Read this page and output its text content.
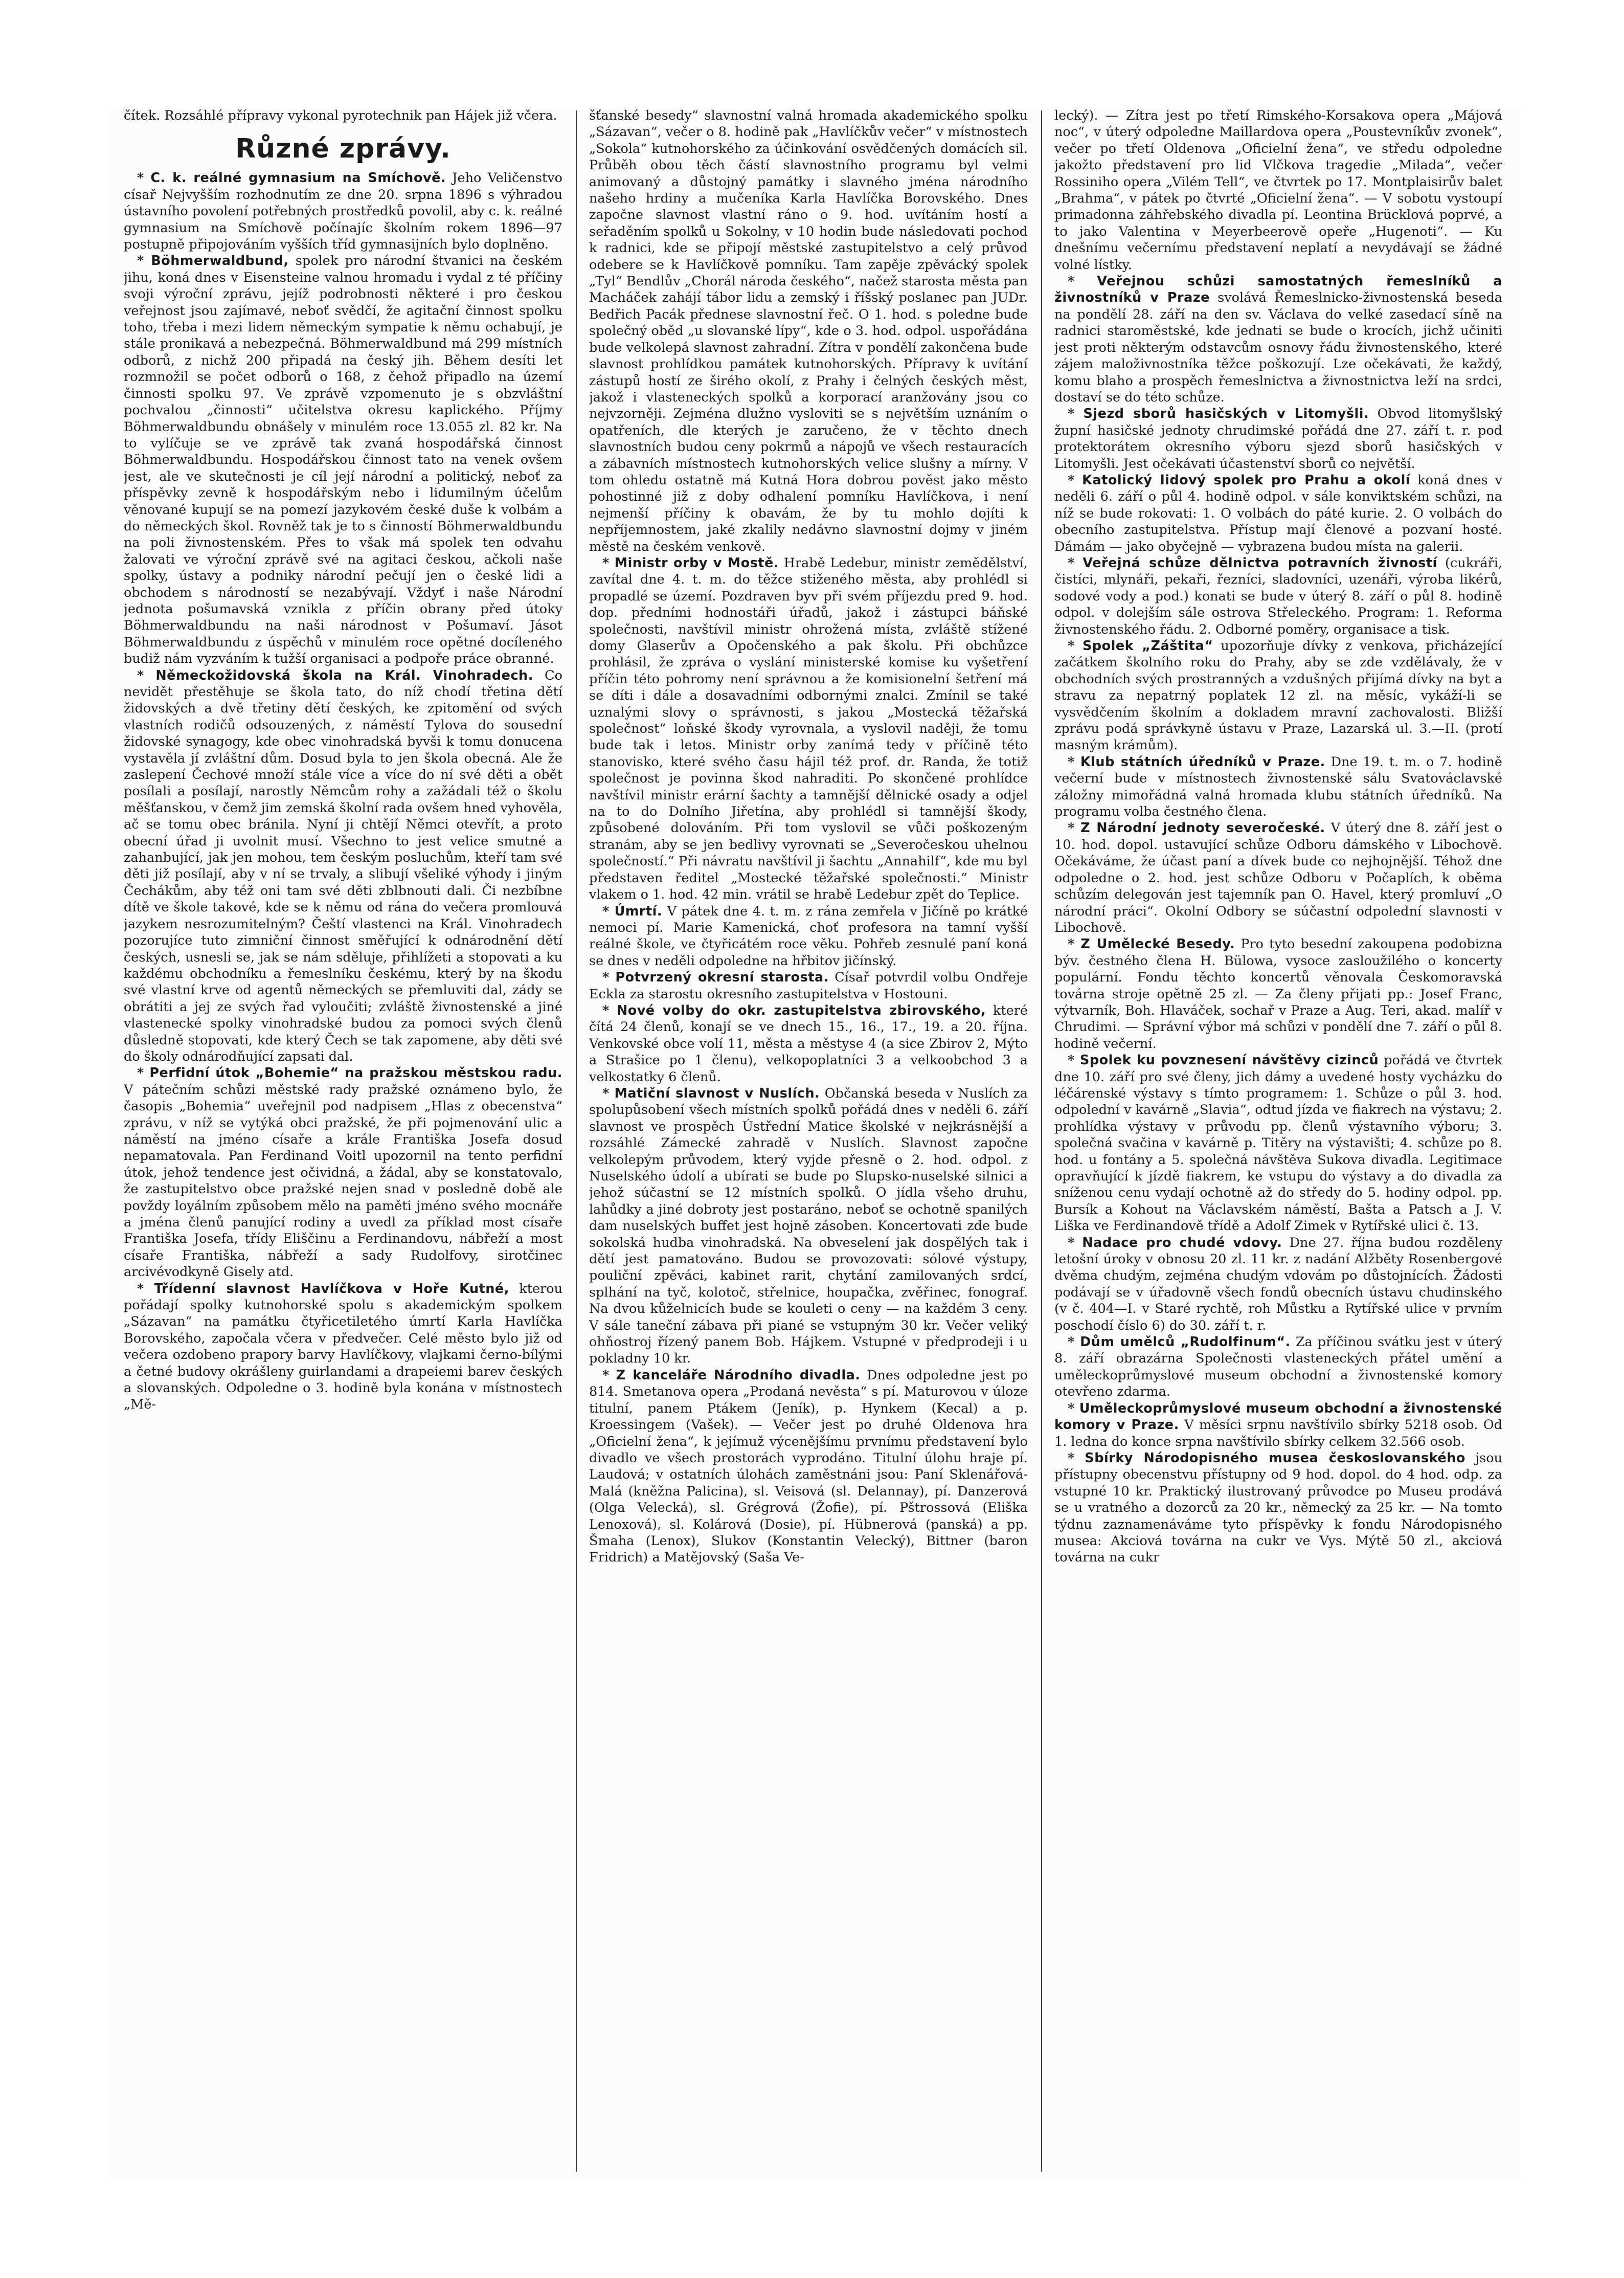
čítek. Rozsáhlé přípravy vykonal pyrotechnik pan Hájek již včera.

Různé zprávy.

* C. k. reálné gymnasium na Smíchově. Jeho Veličenstvo císař Nejvyšším rozhodnutím ze dne 20. srpna 1896 s výhradou ústavního povolení potřebných prostředků povolil, aby c. k. reálné gymnasium na Smíchově počínajíc školním rokem 1896—97 postupně připojováním vyšších tříd gymnasijních bylo doplněno.

* Böhmerwaldbund, spolek pro národní štvanici na českém jihu, koná dnes v Eisensteine valnou hromadu i vydal z té příčiny svoji výroční zprávu, jejíž podrobnosti některé i pro českou veřejnost jsou zajímavé, neboť svědčí, že agitační činnost spolku toho, třeba i mezi lidem německým sympatie k němu ochabují, je stále pronikavá a nebezpečná. Böhmerwaldbund má 299 místních odborů, z nichž 200 připadá na český jih. Během desíti let rozmnožil se počet odborů o 168, z čehož připadlo na území činnosti spolku 97. Ve zprávě vzpomenuto je s obzvláštní pochvalou „činnosti“ učitelstva okresu kaplického. Příjmy Böhmerwaldbundu obnášely v minulém roce 13.055 zl. 82 kr. Na to vylíčuje se ve zprávě tak zvaná hospodářská činnost Böhmerwaldbundu. Hospodářskou činnost tato na venek ovšem jest, ale ve skutečnosti je cíl její národní a politický, neboť za příspěvky zevně k hospodářským nebo i lidumilným účelům věnované kupují se na pomezí jazykovém české duše k volbám a do německých škol. Rovněž tak je to s činností Böhmerwaldbundu na poli živnostenském. Přes to však má spolek ten odvahu žalovati ve výroční zprávě své na agitaci českou, ačkoli naše spolky, ústavy a podniky národní pečují jen o české lidi a obchodem s národností se nezabývají. Vždyť i naše Národní jednota pošumavská vznikla z příčin obrany před útoky Böhmerwaldbundu na naši národnost v Pošumaví. Jásot Böhmerwaldbundu z úspěchů v minulém roce opětné docíleného budiž nám vyzváním k tužší organisaci a podpoře práce obranné.

* Německožidovská škola na Král. Vinohradech. Co nevidět přestěhuje se škola tato, do níž chodí třetina dětí židovských a dvě třetiny dětí českých, ke zpitomění od svých vlastních rodičů odsouzených, z náměstí Tylova do sousední židovské synagogy, kde obec vinohradská byvši k tomu donucena vystavěla jí zvláštní dům. Dosud byla to jen škola obecná. Ale že zaslepení Čechové množí stále více a více do ní své děti a obět posílali a posílají, narostly Němcům rohy a zažádali též o školu měšťanskou, v čemž jim zemská školní rada ovšem hned vyhověla, ač se tomu obec bránila. Nyní ji chtějí Němci otevřít, a proto obecní úřad ji uvolnit musí. Všechno to jest velice smutné a zahanbující, jak jen mohou, tem českým posluchům, kteří tam své děti již posílají, aby v ní se trvaly, a slibují všeliké výhody i jiným Čechákům, aby též oni tam své děti zblbnouti dali. Či nezbíbne dítě ve škole takové, kde se k němu od rána do večera promlouvá jazykem nesrozumitelným? Čeští vlastenci na Král. Vinohradech pozorujíce tuto zimniční činnost směřující k odnárodnění dětí českých, usnesli se, jak se nám sděluje, přihlížeti a stopovati a ku každému obchodníku a řemeslníku českému, který by na škodu své vlastní krve od agentů německých se přemluviti dal, zády se obrátiti a jej ze svých řad vyloučiti; zvláště živnostenské a jiné vlastenecké spolky vinohradské budou za pomoci svých členů důsledně stopovati, kde který Čech se tak zapomene, aby děti své do školy odnárodňující zapsati dal.

* Perfidní útok „Bohemie“ na pražskou městskou radu. V pátečním schůzi městské rady pražské oznámeno bylo, že časopis „Bohemia“ uveřejnil pod nadpisem „Hlas z obecenstva“ zprávu, v níž se vytýká obci pražské, že při pojmenování ulic a náměstí na jméno císaře a krále Františka Josefa dosud nepamatovala. Pan Ferdinand Voitl upozornil na tento perfidní útok, jehož tendence jest očividná, a žádal, aby se konstatovalo, že zastupitelstvo obce pražské nejen snad v posledně době ale povždy loyálním způsobem mělo na paměti jméno svého mocnáře a jména členů panující rodiny a uvedl za příklad most císaře Františka Josefa, třídy Eliščinu a Ferdinandovu, nábřeží a most císaře Františka, nábřeží a sady Rudolfovy, sirotčinec arcivévodkyně Gisely atd.

* Třídenní slavnost Havlíčkova v Hoře Kutné, kterou pořádají spolky kutnohorské spolu s akademickým spolkem „Sázavan“ na památku čtyřicetiletého úmrtí Karla Havlíčka Borovského, započala včera v předvečer. Celé město bylo již od večera ozdobeno prapory barvy Havlíčkovy, vlajkami černo-bílými a četné budovy okrášleny guirlandami a drapeiemi barev českých a slovanských. Odpoledne o 3. hodině byla konána v místnostech „Mě-

šťanské besedy“ slavnostní valná hromada akademického spolku „Sázavan“, večer o 8. hodině pak „Havlíčkův večer“ v místnostech „Sokola“ kutnohorského za účinkování osvědčených domácích sil. Průběh obou těch částí slavnostního programu byl velmi animovaný a důstojný památky i slavného jména národního našeho hrdiny a mučeníka Karla Havlíčka Borovského. Dnes započne slavnost vlastní ráno o 9. hod. uvítáním hostí a seřaděním spolků u Sokolny, v 10 hodin bude následovati pochod k radnici, kde se připojí městské zastupitelstvo a celý průvod odebere se k Havlíčkově pomníku. Tam zapěje zpěvácký spolek „Tyl“ Bendlův „Chorál národa českého“, načež starosta města pan Macháček zahájí tábor lidu a zemský i říšský poslanec pan JUDr. Bedřich Pacák přednese slavnostní řeč. O 1. hod. s poledne bude společný oběd „u slovanské lípy“, kde o 3. hod. odpol. uspořádána bude velkolepá slavnost zahradní. Zítra v pondělí zakončena bude slavnost prohlídkou památek kutnohorských. Přípravy k uvítání zástupů hostí ze širého okolí, z Prahy i čelných českých měst, jakož i vlasteneckých spolků a korporací aranžovány jsou co nejvzorněji. Zejména dlužno vysloviti se s největším uznáním o opatřeních, dle kterých je zaručeno, že v těchto dnech slavnostních budou ceny pokrmů a nápojů ve všech restauracích a zábavních místnostech kutnohorských velice slušny a mírny. V tom ohledu ostatně má Kutná Hora dobrou pověst jako město pohostinné již z doby odhalení pomníku Havlíčkova, i není nejmenší příčiny k obavám, že by tu mohlo dojíti k nepříjemnostem, jaké zkalily nedávno slavnostní dojmy v jiném městě na českém venkově.

* Ministr orby v Mostě. Hrabě Ledebur, ministr zemědělství, zavítal dne 4. t. m. do těžce stiženého města, aby prohlédl si propadlé se území. Pozdraven byv při svém příjezdu pred 9. hod. dop. předními hodnostáři úřadů, jakož i zástupci báňské společnosti, navštívil ministr ohrožená místa, zvláště stížené domy Glaserův a Opočenského a pak školu. Při obchůzce prohlásil, že zpráva o vyslání ministerské komise ku vyšetření příčin této pohromy není správnou a že komisionelní šetření má se díti i dále a dosavadními odbornými znalci. Zmínil se také uznalými slovy o správnosti, s jakou „Mostecká těžařská společnost“ loňské škody vyrovnala, a vyslovil naději, že tomu bude tak i letos. Ministr orby zanímá tedy v příčině této stanovisko, které svého času hájil též prof. dr. Randa, že totiž společnost je povinna škod nahraditi. Po skončené prohlídce navštívil ministr erární šachty a tamnější dělnické osady a odjel na to do Dolního Jiřetína, aby prohlédl si tamnější škody, způsobené dolováním. Při tom vyslovil se vůči poškozeným stranám, aby se jen bedlivy vyrovnati se „Severočeskou uhelnou společností.“ Při návratu navštívil ji šachtu „Annahilf“, kde mu byl představen ředitel „Mostecké těžařské společnosti.“ Ministr vlakem o 1. hod. 42 min. vrátil se hrabě Ledebur zpět do Teplice.

* Úmrtí. V pátek dne 4. t. m. z rána zemřela v Jičíně po krátké nemoci pí. Marie Kamenická, choť profesora na tamní vyšší reálné škole, ve čtyřicátém roce věku. Pohřeb zesnulé paní koná se dnes v neděli odpoledne na hřbitov jičínský.

* Potvrzený okresní starosta. Císař potvrdil volbu Ondřeje Eckla za starostu okresního zastupitelstva v Hostouni.

* Nové volby do okr. zastupitelstva zbirovského, které čítá 24 členů, konají se ve dnech 15., 16., 17., 19. a 20. října. Venkovské obce volí 11, města a městyse 4 (a sice Zbirov 2, Mýto a Strašice po 1 členu), velkopoplatníci 3 a velkoobchod 3 a velkostatky 6 členů.

* Matiční slavnost v Nuslích. Občanská beseda v Nuslích za spolupůsobení všech místních spolků pořádá dnes v neděli 6. září slavnost ve prospěch Ústřední Matice školské v nejkrásnější a rozsáhlé Zámecké zahradě v Nuslích. Slavnost započne velkolepým průvodem, který vyjde přesně o 2. hod. odpol. z Nuselského údolí a ubírati se bude po Slupsko-nuselské silnici a jehož súčastní se 12 místních spolků. O jídla všeho druhu, lahůdky a jiné dobroty jest postaráno, neboť se ochotně spanilých dam nuselských buffet jest hojně zásoben. Koncertovati zde bude sokolská hudba vinohradská. Na obveselení jak dospělých tak i dětí jest pamatováno. Budou se provozovati: sólové výstupy, pouliční zpěváci, kabinet rarit, chytání zamilovaných srdcí, splhání na tyč, kolotoč, střelnice, houpačka, zvěřinec, fonograf. Na dvou kůželnicích bude se kouleti o ceny — na každém 3 ceny. V sále taneční zábava při piané se vstupným 30 kr. Večer veliký ohňostroj řízený panem Bob. Hájkem. Vstupné v předprodeji i u pokladny 10 kr.

* Z kanceláře Národního divadla. Dnes odpoledne jest po 814. Smetanova opera „Prodaná nevěsta“ s pí. Maturovou v úloze titulní, panem Ptákem (Jeník), p. Hynkem (Kecal) a p. Kroessingem (Vašek). — Večer jest po druhé Oldenova hra „Oficielní žena“, k jejímuž výcenějšímu prvnímu představení bylo divadlo ve všech prostorách vyprodáno. Titulní úlohu hraje pí. Laudová; v ostatních úlohách zaměstnáni jsou: Paní Sklenářová-Malá (kněžna Palicina), sl. Veisová (sl. Delannay), pí. Danzerová (Olga Velecká), sl. Grégrová (Žofie), pí. Pštrossová (Eliška Lenoxová), sl. Kolárová (Dosie), pí. Hübnerová (panská) a pp. Šmaha (Lenox), Slukov (Konstantin Velecký), Bittner (baron Fridrich) a Matějovský (Saša Ve-

lecký). — Zítra jest po třetí Rimského-Korsakova opera „Májová noc“, v úterý odpoledne Maillardova opera „Poustevníkův zvonek“, večer po třetí Oldenova „Oficielní žena“, ve středu odpoledne jakožto představení pro lid Vlčkova tragedie „Milada“, večer Rossiniho opera „Vilém Tell“, ve čtvrtek po 17. Montplaisirův balet „Brahma“, v pátek po čtvrté „Oficielní žena“. — V sobotu vystoupí primadonna záhřebského divadla pí. Leontina Brücklová poprvé, a to jako Valentina v Meyerbeerově opeře „Hugenoti“. — Ku dnešnímu večernímu představení neplatí a nevydávají se žádné volné lístky.

* Veřejnou schůzi samostatných řemeslníků a živnostníků v Praze svolává Řemeslnicko-živnostenská beseda na pondělí 28. září na den sv. Václava do velké zasedací síně na radnici staroměstské, kde jednati se bude o krocích, jichž učiniti jest proti některým odstavcům osnovy řádu živnostenského, které zájem maloživnostníka těžce poškozují. Lze očekávati, že každý, komu blaho a prospěch řemeslnictva a živnostnictva leží na srdci, dostaví se do této schůze.

* Sjezd sborů hasičských v Litomyšli. Obvod litomyšlský župní hasičské jednoty chrudimské pořádá dne 27. září t. r. pod protektorátem okresního výboru sjezd sborů hasičských v Litomyšli. Jest očekávati účastenství sborů co největší.

* Katolický lidový spolek pro Prahu a okolí koná dnes v neděli 6. září o půl 4. hodině odpol. v sále konviktském schůzi, na níž se bude rokovati: 1. O volbách do páté kurie. 2. O volbách do obecního zastupitelstva. Přístup mají členové a pozvaní hosté. Dámám — jako obyčejně — vybrazena budou místa na galerii.

* Veřejná schůze dělnictva potravních živností (cukráři, čistíci, mlynáři, pekaři, řezníci, sladovníci, uzenáři, výroba likérů, sodové vody a pod.) konati se bude v úterý 8. září o půl 8. hodině odpol. v dolejším sále ostrova Střeleckého. Program: 1. Reforma živnostenského řádu. 2. Odborné poměry, organisace a tisk.

* Spolek „Záštita“ upozorňuje dívky z venkova, přicházející začátkem školního roku do Prahy, aby se zde vzdělávaly, že v obchodních svých prostranných a vzdušných přijímá dívky na byt a stravu za nepatrný poplatek 12 zl. na měsíc, vykáží-li se vysvědčením školním a dokladem mravní zachovalosti. Bližší zprávu podá správkyně ústavu v Praze, Lazarská ul. 3.—II. (protí masným krámům).

* Klub státních úředníků v Praze. Dne 19. t. m. o 7. hodině večerní bude v místnostech živnostenské sálu Svatováclavské záložny mimořádná valná hromada klubu státních úředníků. Na programu volba čestného člena.

* Z Národní jednoty severočeské. V úterý dne 8. září jest o 10. hod. dopol. ustavující schůze Odboru dámského v Libochově. Očekáváme, že účast paní a dívek bude co nejhojnější. Téhož dne odpoledne o 2. hod. jest schůze Odboru v Počaplích, k oběma schůzím delegován jest tajemník pan O. Havel, který promluví „O národní práci“. Okolní Odbory se súčastní odpolední slavnosti v Libochově.

* Z Umělecké Besedy. Pro tyto besední zakoupena podobizna býv. čestného člena H. Bülowa, vysoce zasloužilého o koncerty populární. Fondu těchto koncertů věnovala Českomoravská továrna stroje opětně 25 zl. — Za členy přijati pp.: Josef Franc, výtvarník, Boh. Hlaváček, sochař v Praze a Aug. Teri, akad. malíř v Chrudimi. — Správní výbor má schůzi v pondělí dne 7. září o půl 8. hodině večerní.

* Spolek ku povznesení návštěvy cizinců pořádá ve čtvrtek dne 10. září pro své členy, jich dámy a uvedené hosty vycházku do léčárenské výstavy s tímto programem: 1. Schůze o půl 3. hod. odpolední v kavárně „Slavia“, odtud jízda ve fiakrech na výstavu; 2. prohlídka výstavy v průvodu pp. členů výstavního výboru; 3. společná svačina v kavárně p. Titěry na výstavišti; 4. schůze po 8. hod. u fontány a 5. společná návštěva Sukova divadla. Legitimace opravňující k jízdě fiakrem, ke vstupu do výstavy a do divadla za sníženou cenu vydají ochotně až do středy do 5. hodiny odpol. pp. Bursík a Kohout na Václavském náměstí, Bašta a Patsch a J. V. Liška ve Ferdinandově třídě a Adolf Zimek v Rytířské ulici č. 13.

* Nadace pro chudé vdovy. Dne 27. října budou rozděleny letošní úroky v obnosu 20 zl. 11 kr. z nadání Alžběty Rosenbergové dvěma chudým, zejména chudým vdovám po důstojnících. Žádosti podávají se v úřadovně všech fondů obecních ústavu chudinského (v č. 404—I. v Staré rychtě, roh Můstku a Rytířské ulice v prvním poschodí číslo 6) do 30. září t. r.

* Dům umělců „Rudolfinum“. Za příčinou svátku jest v úterý 8. září obrazárna Společnosti vlasteneckých přátel umění a uměleckoprůmyslové museum obchodní a živnostenské komory otevřeno zdarma.

* Uměleckoprůmyslové museum obchodní a živnostenské komory v Praze. V měsíci srpnu navštívilo sbírky 5218 osob. Od 1. ledna do konce srpna navštívilo sbírky celkem 32.566 osob.

* Sbírky Národopisného musea českoslovanského jsou přístupny obecenstvu přístupny od 9 hod. dopol. do 4 hod. odp. za vstupné 10 kr. Praktický ilustrovaný průvodce po Museu prodává se u vratného a dozorců za 20 kr., německý za 25 kr. — Na tomto týdnu zaznamenáváme tyto příspěvky k fondu Národopisného musea: Akciová továrna na cukr ve Vys. Mýtě 50 zl., akciová továrna na cukr
